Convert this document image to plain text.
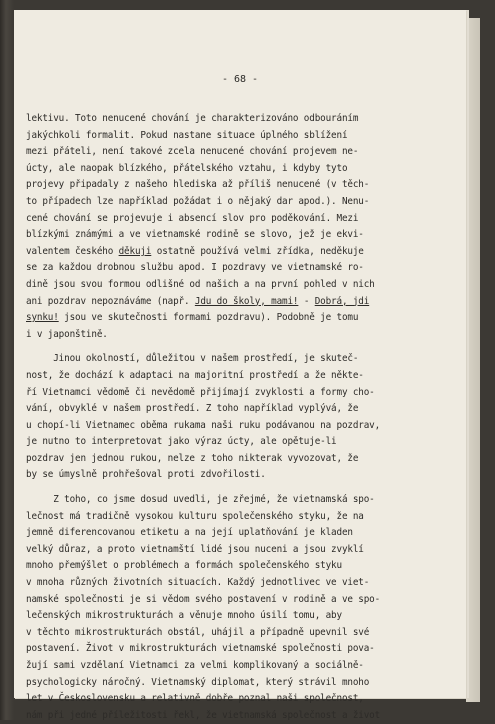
- 68 -
lektivu. Toto nenucené chování je charakterizováno odbouráním
jakýchkoli formalit. Pokud nastane situace úplného sblížení
mezi přáteli, není takové zcela nenucené chování projevem ne-
úcty, ale naopak blízkého, přátelského vztahu, i kdyby tyto
projevy připadaly z našeho hlediska až příliš nenucené (v těch-
to případech lze například požádat i o nějaký dar apod.). Nenu-
cené chování se projevuje i absencí slov pro poděkování. Mezi
blízkými známými a ve vietnamské rodině se slovo, jež je ekvi-
valentem českého děkuji ostatně používá velmi zřídka, neděkuje
se za každou drobnou službu apod. I pozdravy ve vietnamské ro-
dině jsou svou formou odlišné od našich a na první pohled v nich
ani pozdrav nepoznáváme (např. Jdu do školy, mami! - Dobrá, jdi
synku! jsou ve skutečnosti formami pozdravu). Podobně je tomu
i v japonštině.
Jinou okolností, důležitou v našem prostředí, je skuteč-
nost, že dochází k adaptaci na majoritní prostředí a že někte-
ří Vietnamci vědomě či nevědomě přijímají zvyklosti a formy cho-
vání, obvyklé v našem prostředí. Z toho například vyplývá, že
u chopí-li Vietnamec oběma rukama naši ruku podávanou na pozdrav,
je nutno to interpretovat jako výraz úcty, ale opětuje-li
pozdrav jen jednou rukou, nelze z toho nikterak vyvozovat, že
by se úmyslně prohřešoval proti zdvořilosti.
Z toho, co jsme dosud uvedli, je zřejmé, že vietnamská spo-
lečnost má tradičně vysokou kulturu společenského styku, že na
jemně diferencovanou etiketu a na její uplatňování je kladen
velký důraz, a proto vietnamští lidé jsou nuceni a jsou zvyklí
mnoho přemýšlet o problémech a formách společenského styku
v mnoha různých životních situacích. Každý jednotlivec ve viet-
namské společnosti je si vědom svého postavení v rodině a ve spo-
lečenských mikrostrukturách a věnuje mnoho úsilí tomu, aby
v těchto mikrostrukturách obstál, uhájil a případně upevnil své
postavení. Život v mikrostrukturách vietnamské společnosti pova-
žují sami vzdělaní Vietnamci za velmi komplikovaný a sociálně-
psychologicky náročný. Vietnamský diplomat, který strávil mnoho
let v Československu a relativně dobře poznal naši společnost,
nám při jedné příležitosti řekl, že vietnamská společnost a život
